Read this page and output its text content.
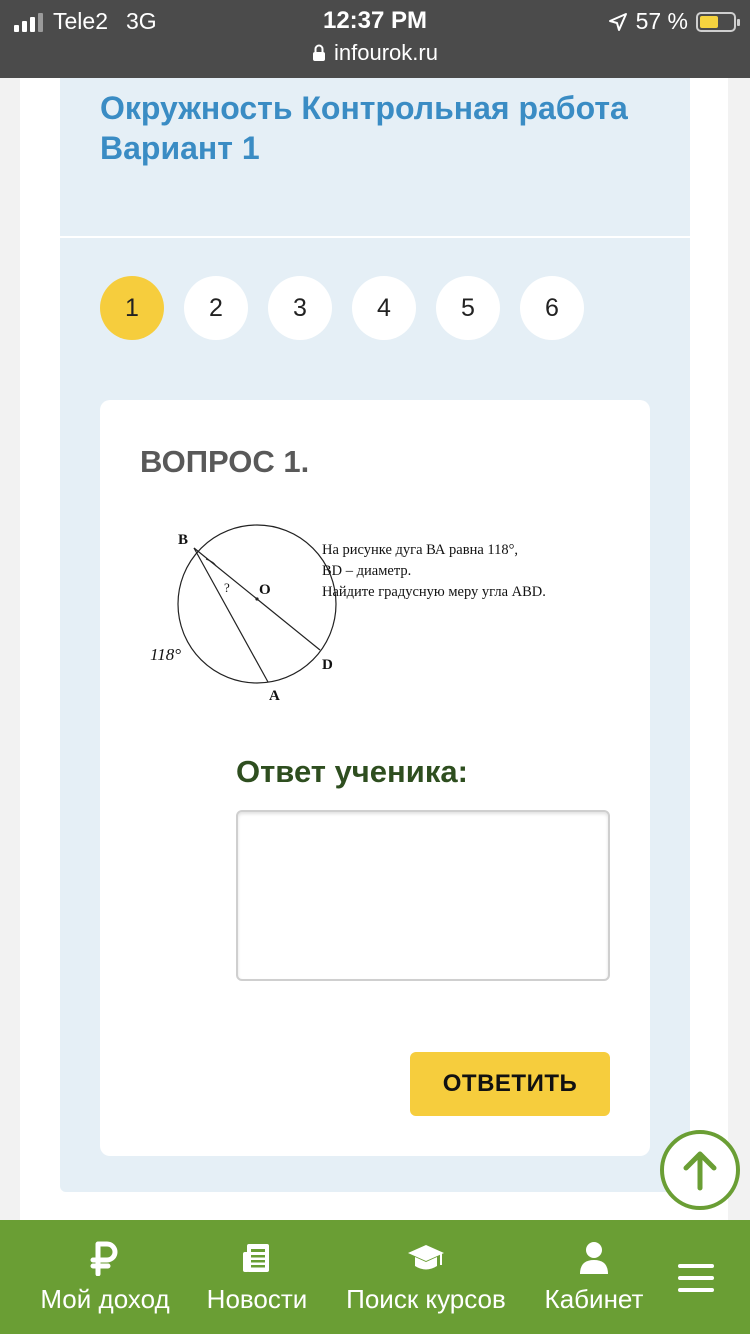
Tele2 3G	12:37 PM	57 %
infourok.ru
Окружность Контрольная работа Вариант 1
1	2	3	4	5	6
ВОПРОС 1.
B
O
D
A
?
118°
На рисунке дуга ВА равна 118°,
BD – диаметр.
Найдите градусную меру угла ABD.
Ответ ученика:
ОТВЕТИТЬ
Мой доход Новости Поиск курсов Кабинет
